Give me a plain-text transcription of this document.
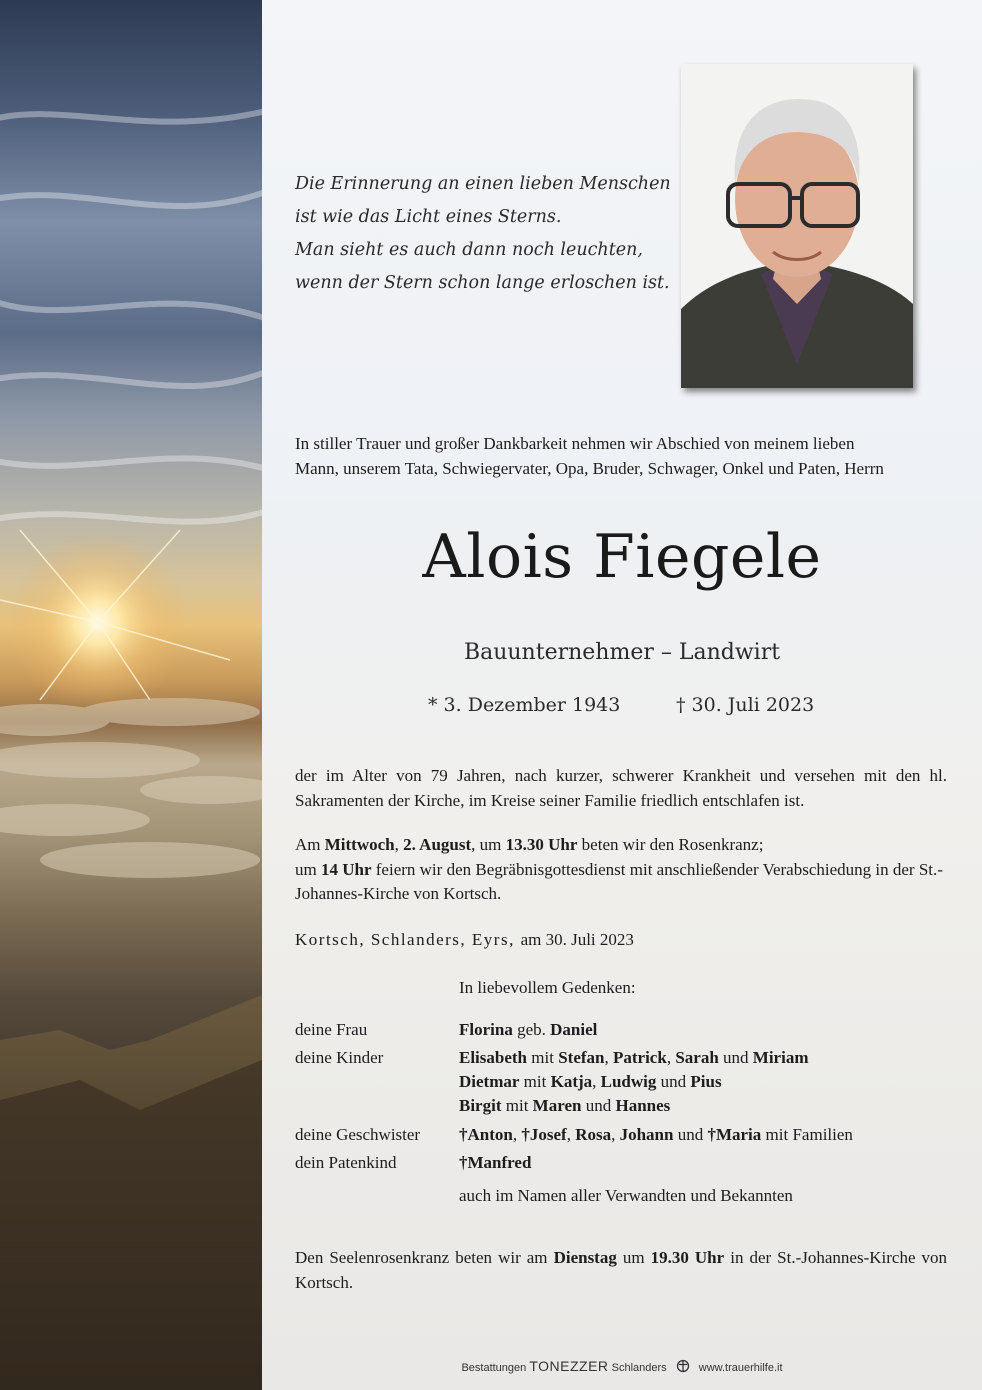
Die Erinnerung an einen lieben Menschen
ist wie das Licht eines Sterns.
Man sieht es auch dann noch leuchten,
wenn der Stern schon lange erloschen ist.
In stiller Trauer und großer Dankbarkeit nehmen wir Abschied von meinem lieben Mann, unserem Tata, Schwiegervater, Opa, Bruder, Schwager, Onkel und Paten, Herrn
Alois Fiegele
Bauunternehmer – Landwirt
* 3. Dezember 1943	† 30. Juli 2023
der im Alter von 79 Jahren, nach kurzer, schwerer Krankheit und versehen mit den hl. Sakramenten der Kirche, im Kreise seiner Familie friedlich entschlafen ist.
Am Mittwoch, 2. August, um 13.30 Uhr beten wir den Rosenkranz;
um 14 Uhr feiern wir den Begräbnisgottesdienst mit anschließender Verabschiedung in der St.-Johannes-Kirche von Kortsch.
Kortsch, Schlanders, Eyrs, am 30. Juli 2023
In liebevollem Gedenken:
deine Frau	Florina geb. Daniel
deine Kinder	Elisabeth mit Stefan, Patrick, Sarah und Miriam
Dietmar mit Katja, Ludwig und Pius
Birgit mit Maren und Hannes
deine Geschwister †Anton, †Josef, Rosa, Johann und †Maria mit Familien
dein Patenkind	†Manfred
auch im Namen aller Verwandten und Bekannten
Den Seelenrosenkranz beten wir am Dienstag um 19.30 Uhr in der St.-Johannes-Kirche von Kortsch.
Bestattungen TONEZZER Schlanders	www.trauerhilfe.it
